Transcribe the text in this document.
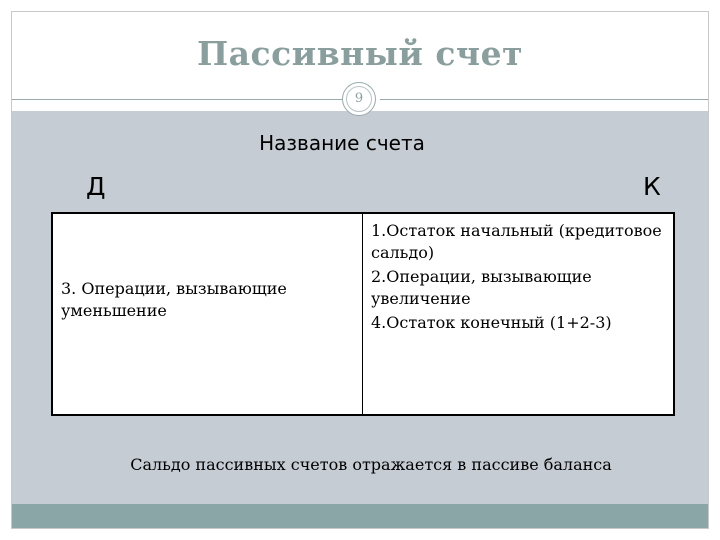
Пассивный счет
9
Название счета
Д	К
3. Операции, вызывающие
уменьшение
1.Остаток начальный (кредитовое сальдо)
2.Операции, вызывающие увеличение
4.Остаток конечный (1+2-3)
Сальдо пассивных счетов отражается в пассиве баланса
